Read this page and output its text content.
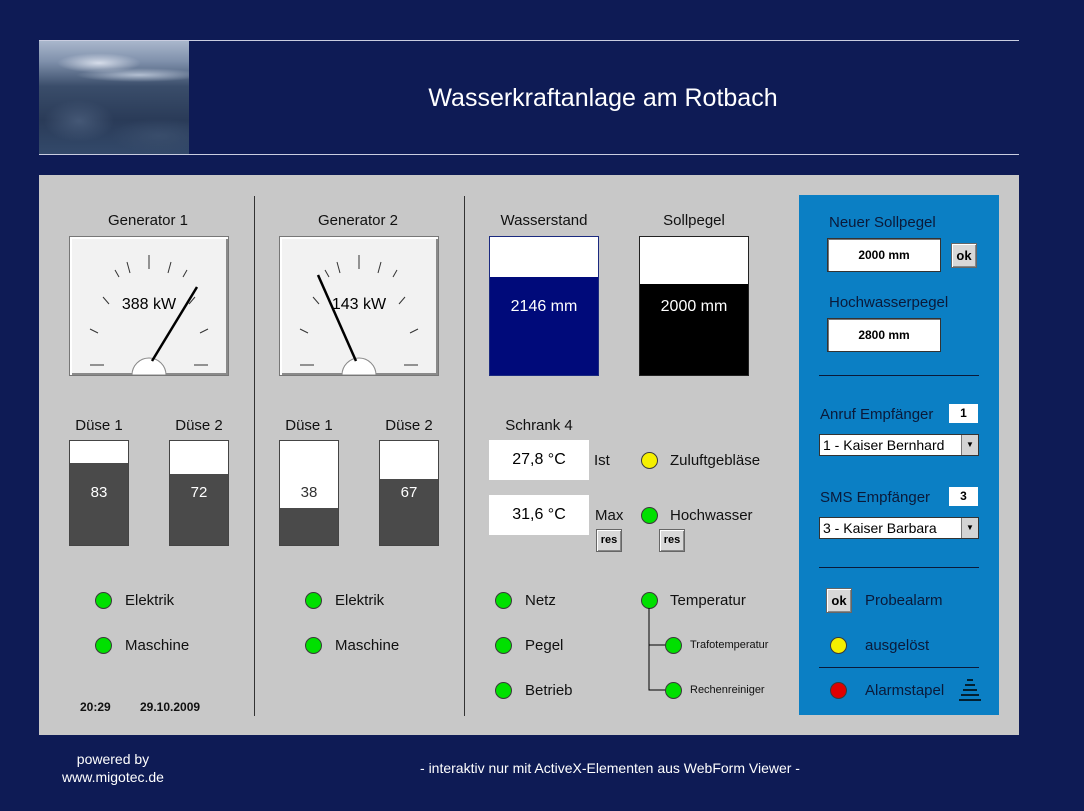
Wasserkraftanlage am Rotbach
Generator 1
388 kW
Düse 1	Düse 2
83	72
Elektrik
Maschine
20:29 29.10.2009
Generator 2
143 kW
Düse 1	Düse 2
38	67
Elektrik
Maschine
Wasserstand
2146 mm
Sollpegel
2000 mm
Schrank 4
27,8 °C	Ist
31,6 °C	Max
res
Zuluftgebläse
Hochwasser
res
Netz
Pegel
Betrieb
Temperatur
Trafotemperatur
Rechenreiniger
Neuer Sollpegel
2000 mm	ok
Hochwasserpegel
2800 mm
Anruf Empfänger	1
1 - Kaiser Bernhard	▼
SMS Empfänger	3
3 - Kaiser Barbara	▼
ok	Probealarm
ausgelöst
Alarmstapel
powered by
www.migotec.de
- interaktiv nur mit ActiveX-Elementen aus WebForm Viewer -
